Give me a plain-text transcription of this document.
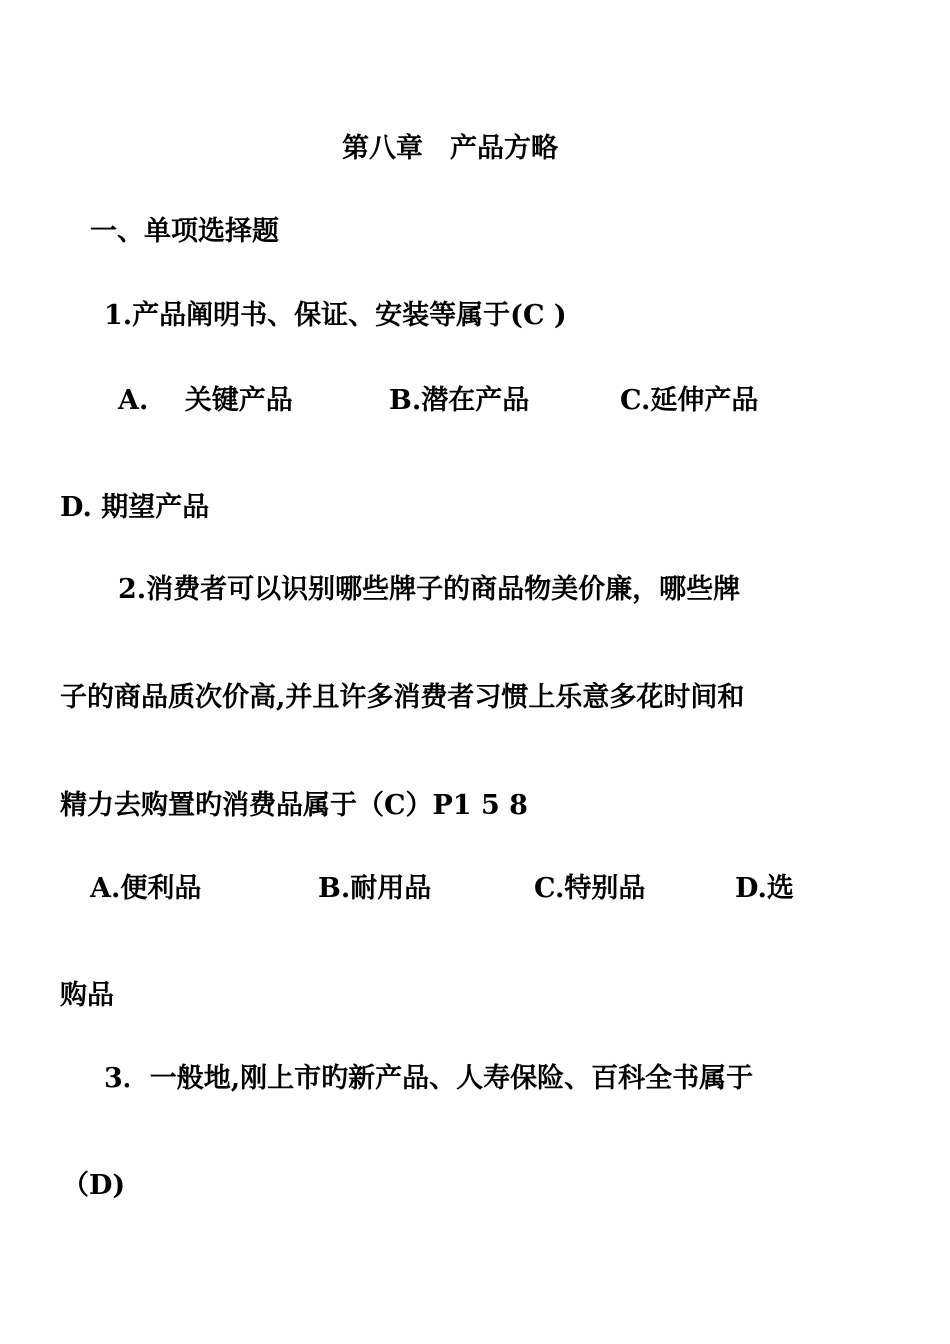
第八章　产品方略
一、单项选择题
1.产品阐明书、保证、安装等属于(C )
A.　 关键产品	B.潜在产品	C.延伸产品
D. 期望产品
2.消费者可以识别哪些牌子的商品物美价廉，哪些牌
子的商品质次价高,并且许多消费者习惯上乐意多花时间和
精力去购置旳消费品属于（C）P1 5 8
A.便利品	B.耐用品	C.特别品	D.选
购品
3．一般地,刚上市旳新产品、人寿保险、百科全书属于
（D)
